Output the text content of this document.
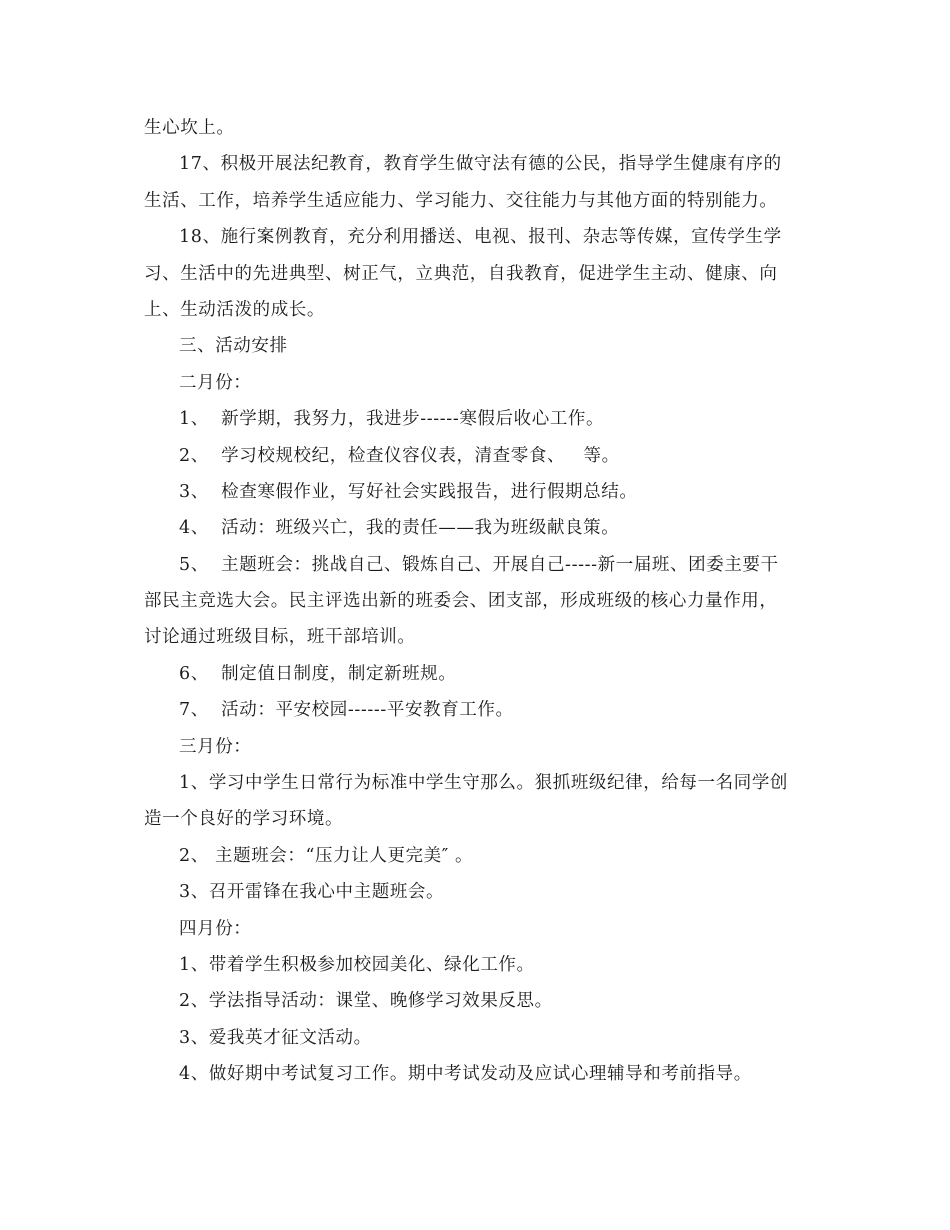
生心坎上。

17、积极开展法纪教育，教育学生做守法有德的公民，指导学生健康有序的

生活、工作，培养学生适应能力、学习能力、交往能力与其他方面的特别能力。

18、施行案例教育，充分利用播送、电视、报刊、杂志等传媒，宣传学生学

习、生活中的先进典型、树正气，立典范，自我教育，促进学生主动、健康、向

上、生动活泼的成长。

三、活动安排

二月份：

1、  新学期，我努力，我进步------寒假后收心工作。

2、  学习校规校纪，检查仪容仪表，清查零食、   等。

3、  检查寒假作业，写好社会实践报告，进行假期总结。

4、  活动：班级兴亡，我的责任——我为班级献良策。

5、  主题班会：挑战自己、锻炼自己、开展自己-----新一届班、团委主要干

部民主竞选大会。民主评选出新的班委会、团支部，形成班级的核心力量作用，

讨论通过班级目标，班干部培训。

6、  制定值日制度，制定新班规。

7、  活动：平安校园------平安教育工作。

三月份：

1、学习中学生日常行为标准中学生守那么。狠抓班级纪律，给每一名同学创

造一个良好的学习环境。

2、 主题班会：“压力让人更完美″ 。

3、召开雷锋在我心中主题班会。

四月份：

1、带着学生积极参加校园美化、绿化工作。

2、学法指导活动：课堂、晚修学习效果反思。

3、爱我英才征文活动。

4、做好期中考试复习工作。期中考试发动及应试心理辅导和考前指导。
